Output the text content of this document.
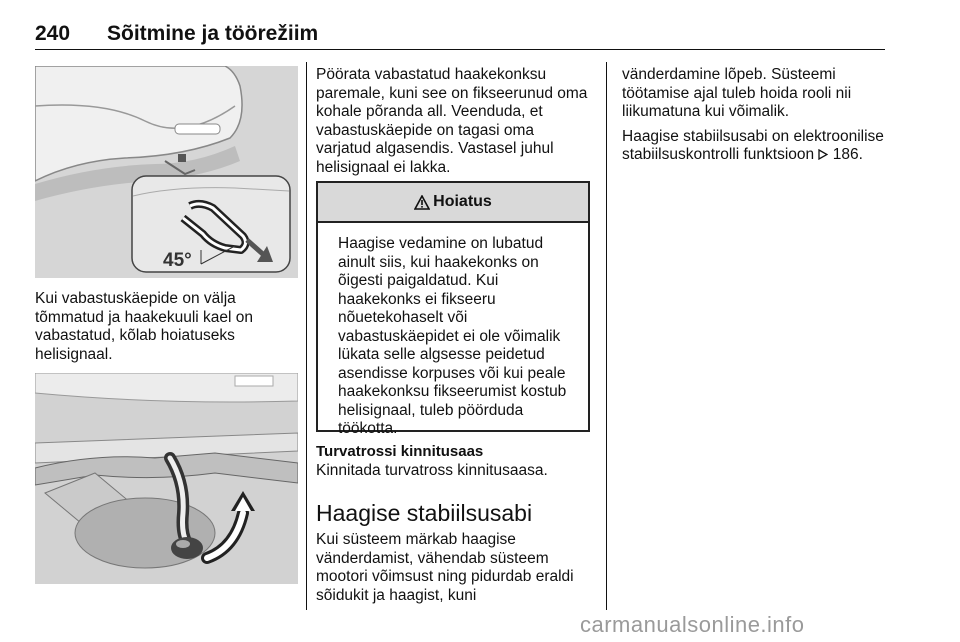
240 Sõitmine ja töörežiim
45°
Kui vabastuskäepide on välja tõmmatud ja haakekuuli kael on vabastatud, kõlab hoiatuseks helisignaal.
Pöörata vabastatud haakekonksu paremale, kuni see on fikseerunud oma kohale põranda all. Veenduda, et vabastuskäepide on tagasi oma varjatud algasendis. Vastasel juhul helisignaal ei lakka.
Hoiatus
Haagise vedamine on lubatud ainult siis, kui haakekonks on õigesti paigaldatud. Kui haakekonks ei fikseeru nõuetekohaselt või vabastuskäepidet ei ole võimalik lükata selle algsesse peidetud asendisse korpuses või kui peale haakekonksu fikseerumist kostub helisignaal, tuleb pöörduda töökotta.
Turvatrossi kinnitusaas
Kinnitada turvatross kinnitusaasa.
Haagise stabiilsusabi
Kui süsteem märkab haagise vänderdamist, vähendab süsteem mootori võimsust ning pidurdab eraldi sõidukit ja haagist, kuni

vänderdamine lõpeb. Süsteemi töötamise ajal tuleb hoida rooli nii liikumatuna kui võimalik.

Haagise stabiilsusabi on elektroonilise stabiilsuskontrolli funktsioon 186.

carmanualsonline.info
